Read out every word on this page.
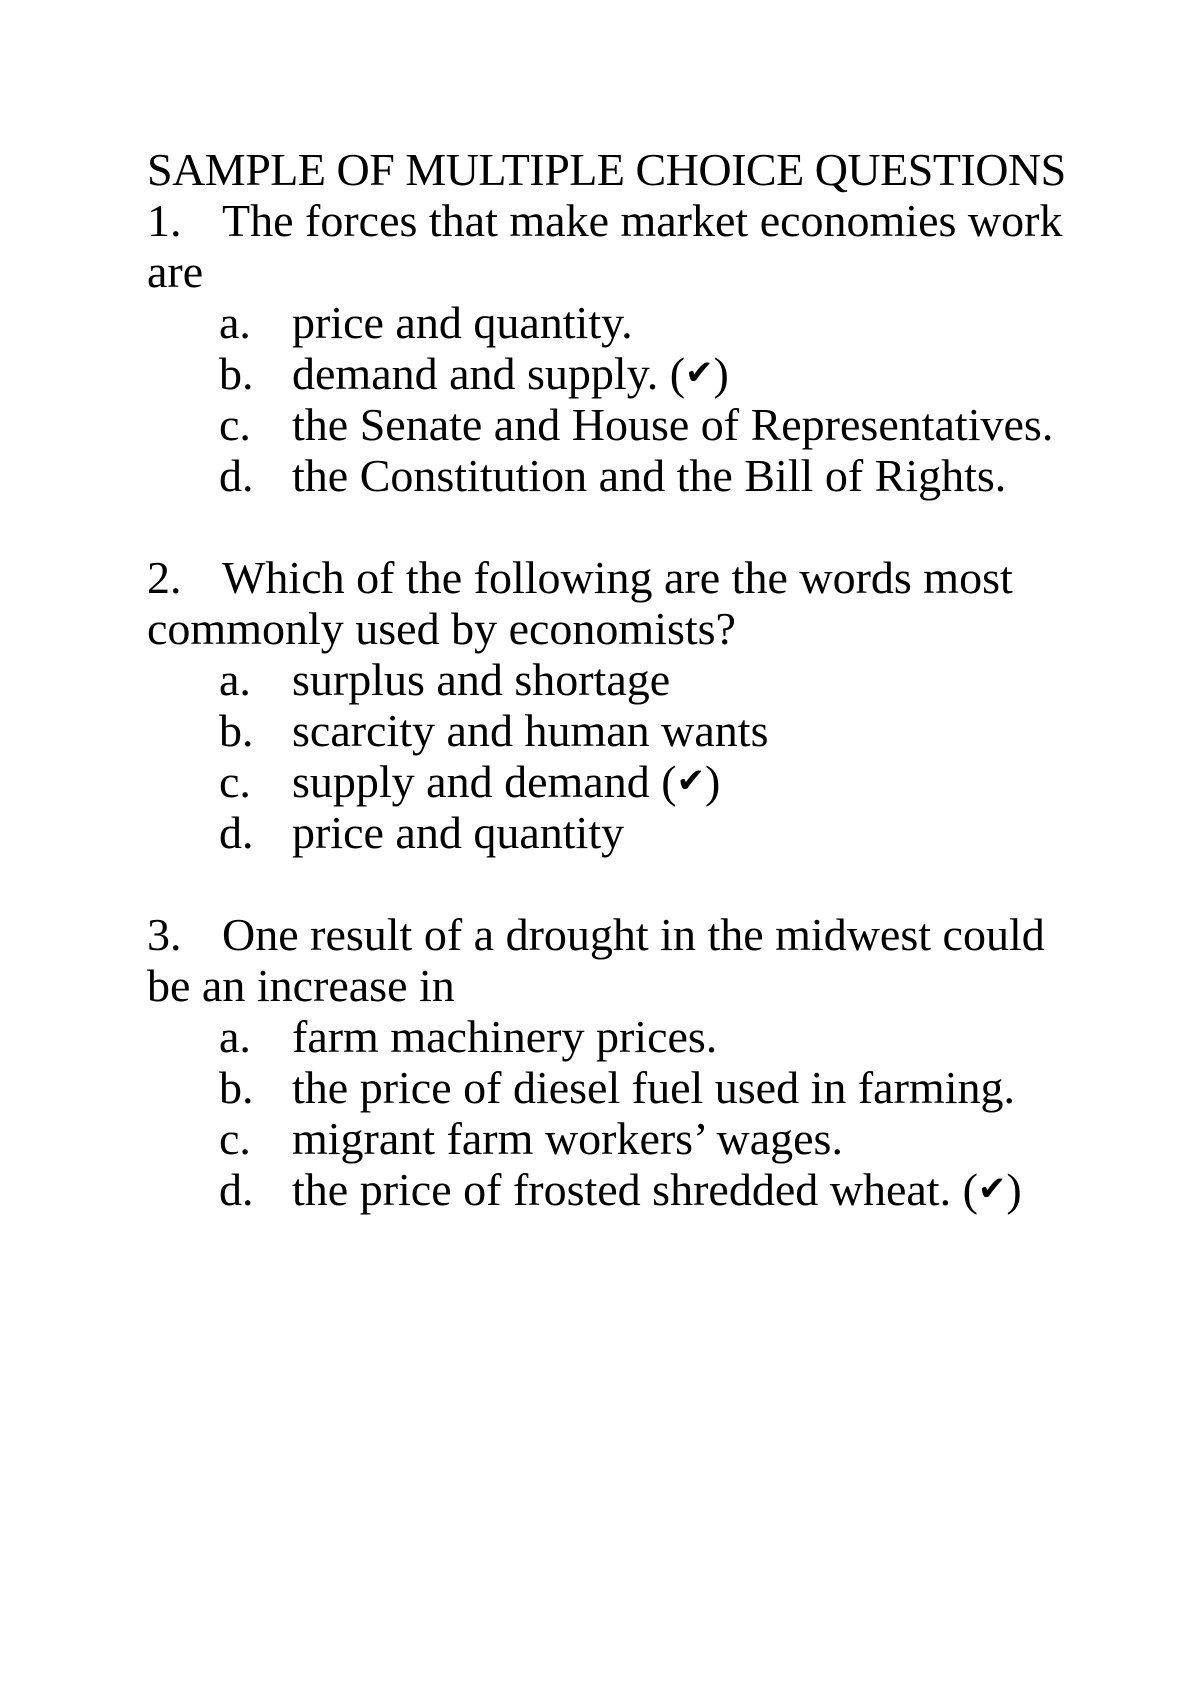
SAMPLE OF MULTIPLE CHOICE QUESTIONS

1. The forces that make market economies work are

a. price and quantity.
b. demand and supply. ( ✔ )
c. the Senate and House of Representatives.
d. the Constitution and the Bill of Rights.

2. Which of the following are the words most commonly used by economists?

a. surplus and shortage
b. scarcity and human wants
c. supply and demand ( ✔ )
d. price and quantity

3. One result of a drought in the midwest could be an increase in

a. farm machinery prices.
b. the price of diesel fuel used in farming.
c. migrant farm workers’ wages.
d. the price of frosted shredded wheat. ( ✔ )
